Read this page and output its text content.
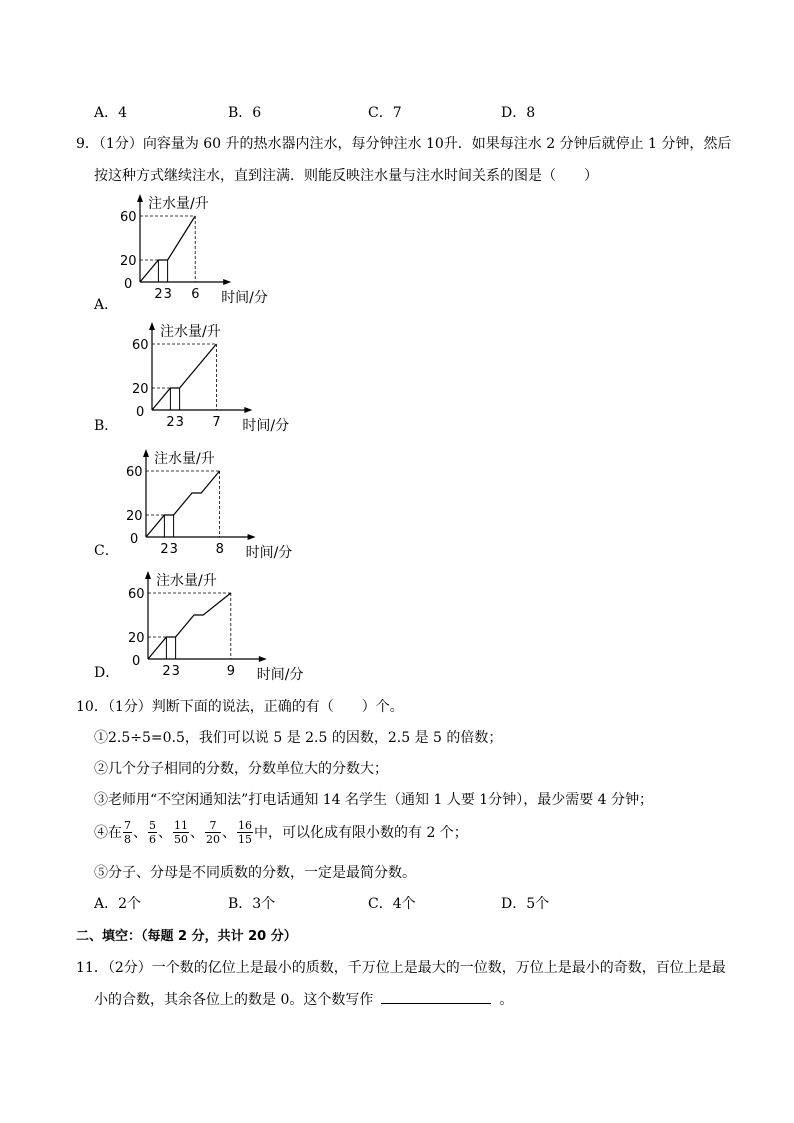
A．4	B．6	C．7	D．8
9．（1分）向容量为 60 升的热水器内注水，每分钟注水 10升．如果每注水 2 分钟后就停止 1 分钟，然后
按这种方式继续注水，直到注满．则能反映注水量与注水时间关系的图是（　　）
A．
B．
C．
D．
注水量/升
0
20
60
2 3 6 时间/分
注水量/升
0
20
60
2 3 7 时间/分
注水量/升
0
20
60
2 3	8 时间/分
注水量/升
0
20
60
2 3	9 时间/分
10．（1分）判断下面的说法，正确的有（　　）个。
①2.5÷5=0.5，我们可以说 5 是 2.5 的因数，2.5 是 5 的倍数；
②几个分子相同的分数，分数单位大的分数大；
③老师用“不空闲通知法”打电话通知 14 名学生（通知 1 人要 1分钟），最少需要 4 分钟；
④在 $\frac{7}{8}$ 、 $\frac{5}{6}$ 、 $\frac{11}{50}$ 、 $\frac{7}{20}$ 、 $\frac{16}{15}$ 中，可以化成有限小数的有 2 个；
⑤分子、分母是不同质数的分数，一定是最简分数。
A．2个	B．3个	C．4个	D．5个
二、填空：（每题 2 分，共计 20 分）
11．（2分）一个数的亿位上是最小的质数，千万位上是最大的一位数，万位上是最小的奇数，百位上是最
小的合数，其余各位上的数是 0。这个数写作	。
